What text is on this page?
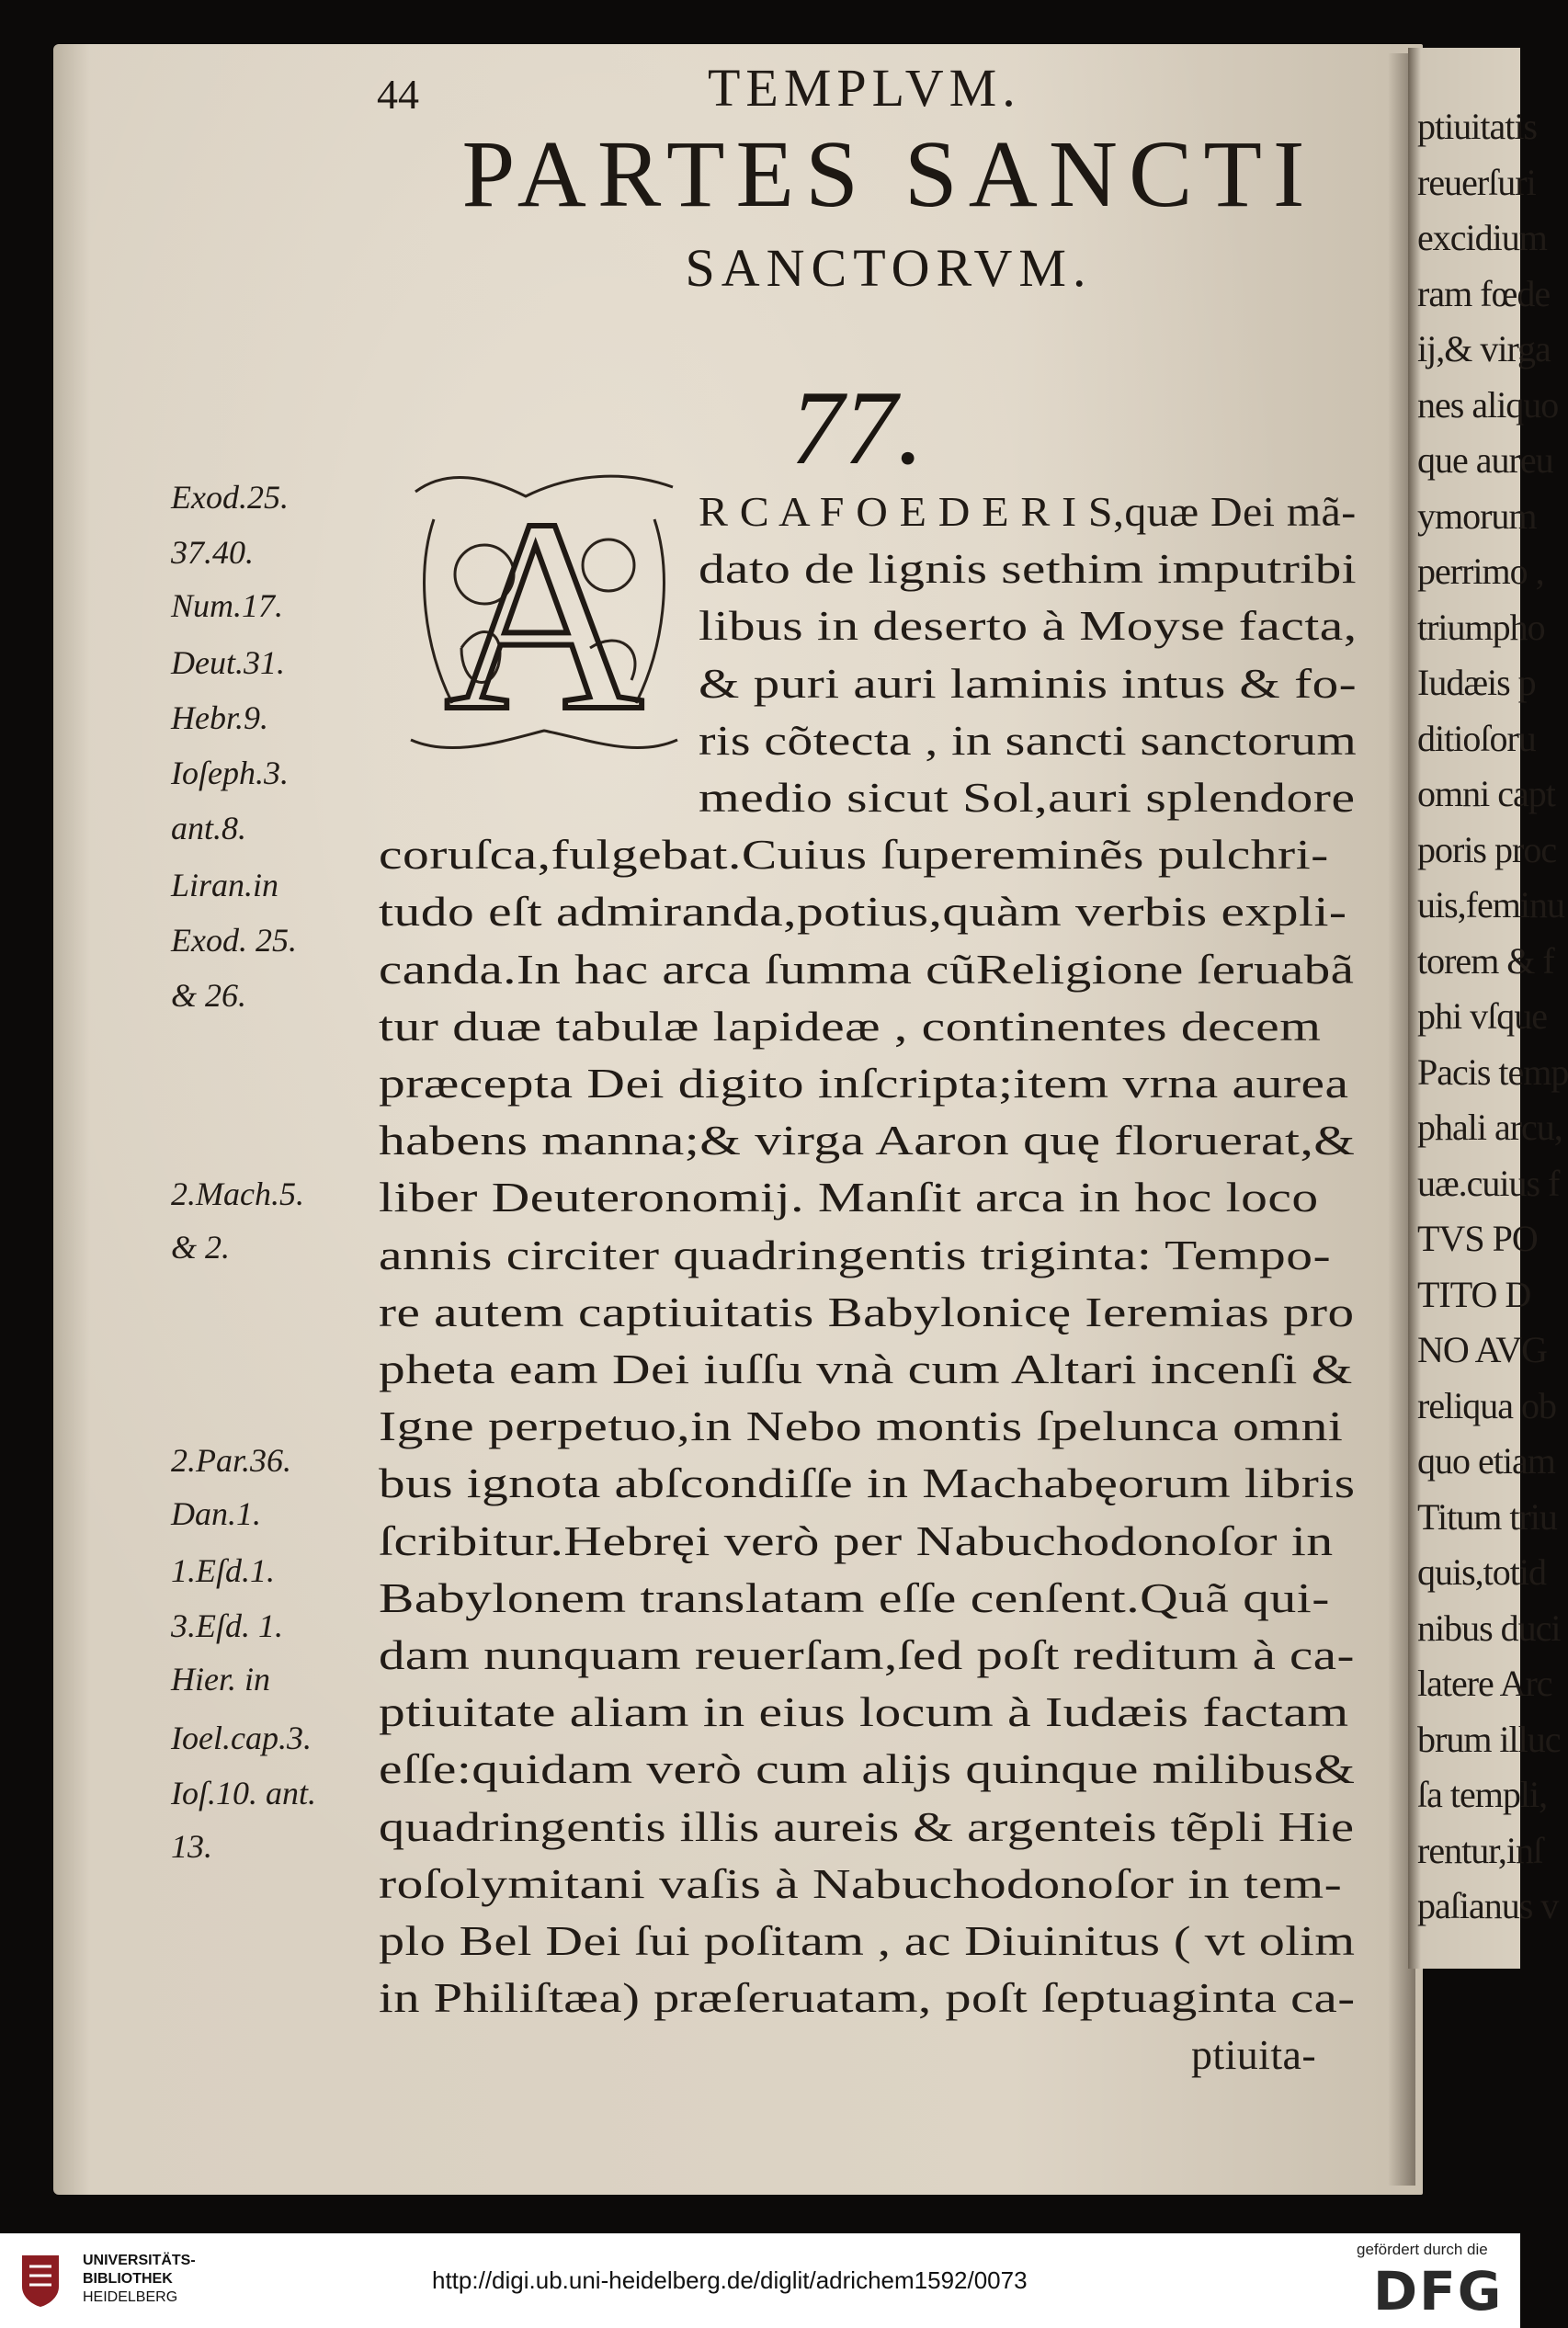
ptiuitatis
reuerſuri
excidium
ram fœde
ij,& virga
nes aliquo
que aureu
ymorum
perrimo ,
triumpho
Iudæis p
ditioſoru
omni capt
poris proc
uis,feminu
torem & f
phi vſque
Pacis temp
phali arcu,
uæ.cuius f
TVS PO
TITO D
NO AVG
reliqua ob
quo etiam
Titum triu
quis,totid
nibus duci
latere Arc
brum illuc
ſa templi,
rentur,inſ
paſianus v
44	TEMPLVM.
PARTES SANCTI
SANCTORVM.
77.
A R C A F O E D E R I S,quæ Dei mã-
dato de lignis sethim imputribi
libus in deserto à Moyse facta,
& puri auri laminis intus & fo-
ris cõtecta , in sancti sanctorum
medio sicut Sol,auri splendore
coruſca,fulgebat.Cuius ſupereminẽs pulchri-
tudo eſt admiranda,potius,quàm verbis expli-
canda.In hac arca ſumma cũReligione ſeruabã
tur duæ tabulæ lapideæ , continentes decem
præcepta Dei digito inſcripta;item vrna aurea
habens manna;& virga Aaron quę floruerat,&
liber Deuteronomij. Manſit arca in hoc loco
annis circiter quadringentis triginta: Tempo-
re autem captiuitatis Babylonicę Ieremias pro
pheta eam Dei iuſſu vnà cum Altari incenſi &
Igne perpetuo,in Nebo montis ſpelunca omni
bus ignota abſcondiſſe in Machabęorum libris
ſcribitur.Hebręi verò per Nabuchodonoſor in
Babylonem translatam eſſe cenſent.Quã qui-
dam nunquam reuerſam,ſed poſt reditum à ca-
ptiuitate aliam in eius locum à Iudæis factam
eſſe:quidam verò cum alijs quinque milibus&
quadringentis illis aureis & argenteis tẽpli Hie
roſolymitani vaſis à Nabuchodonoſor in tem-
plo Bel Dei ſui poſitam , ac Diuinitus ( vt olim
in Philiſtæa) præſeruatam, poſt ſeptuaginta ca-
ptiuita-
Exod.25.
37.40.
Num.17.
Deut.31.
Hebr.9.
Ioſeph.3.
ant.8.
Liran.in
Exod. 25.
& 26.
2.Mach.5.
& 2.
2.Par.36.
Dan.1.
1.Eſd.1.
3.Eſd. 1.
Hier. in
Ioel.cap.3.
Ioſ.10. ant.
13.
UNIVERSITÄTS-
BIBLIOTHEK
HEIDELBERG
http://digi.ub.uni-heidelberg.de/diglit/adrichem1592/0073
gefördert durch die
DFG
